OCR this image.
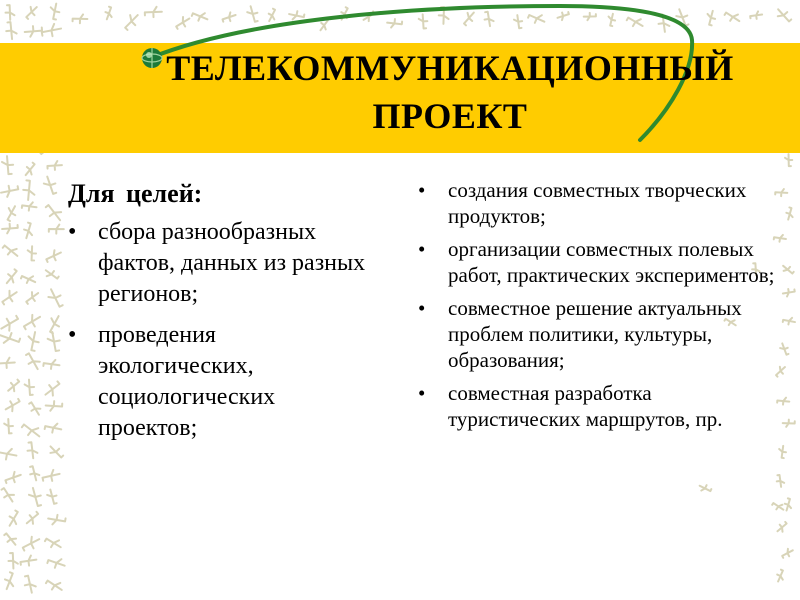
ТЕЛЕКОММУНИКАЦИОННЫЙ
ПРОЕКТ
Для целей:
• сбора разнообразных фактов, данных из разных регионов;
• проведения экологических, социологических проектов;
• создания совместных творческих продуктов;
• организации совместных полевых работ, практических экспериментов;
• совместное решение актуальных проблем политики, культуры, образования;
• совместная разработка туристических маршрутов, пр.
